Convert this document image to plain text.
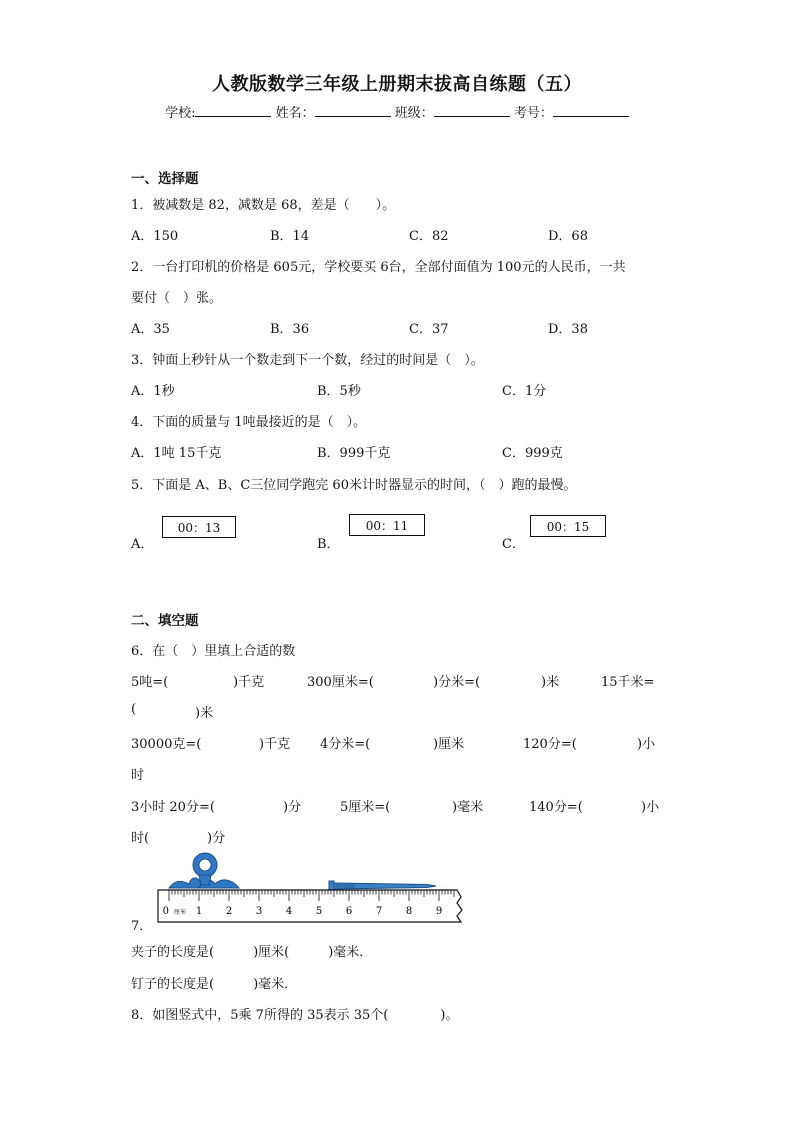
人教版数学三年级上册期末拔高自练题（五）
学校:	姓名：	班级：	考号：
一、选择题
1．被减数是 82，减数是 68，差是（　　）。
A．150	B．14	C．82	D．68
2．一台打印机的价格是 605元，学校要买 6台，全部付面值为 100元的人民币，一共
要付（　）张。
A．35	B．36	C．37	D．38
3．钟面上秒针从一个数走到下一个数，经过的时间是（　）。
A．1秒	B．5秒	C．1分
4．下面的质量与 1吨最接近的是（　）。
A．1吨 15千克	B．999千克	C．999克
5．下面是 A、B、C三位同学跑完 60米计时器显示的时间，（　）跑的最慢。
A．
00：13
B．
00：11
C．
00：15
二、填空题
6．在（　）里填上合适的数
5吨=(	)千克	300厘米=(	)分米=(	)米	15千米=
(	)米
30000克=(	)千克 4分米=(	)厘米	120分=(	)小
时
3小时 20分=(	)分	5厘米=(	)毫米	140分=(	)小
时(	)分
0	1 2 3 4 5 6 7 8 9
厘米
7．
夹子的长度是(　　　)厘米(　　　)毫米．
钉子的长度是(　　　)毫米．
8．如图竖式中，5乘 7所得的 35表示 35个(　　　　)。
